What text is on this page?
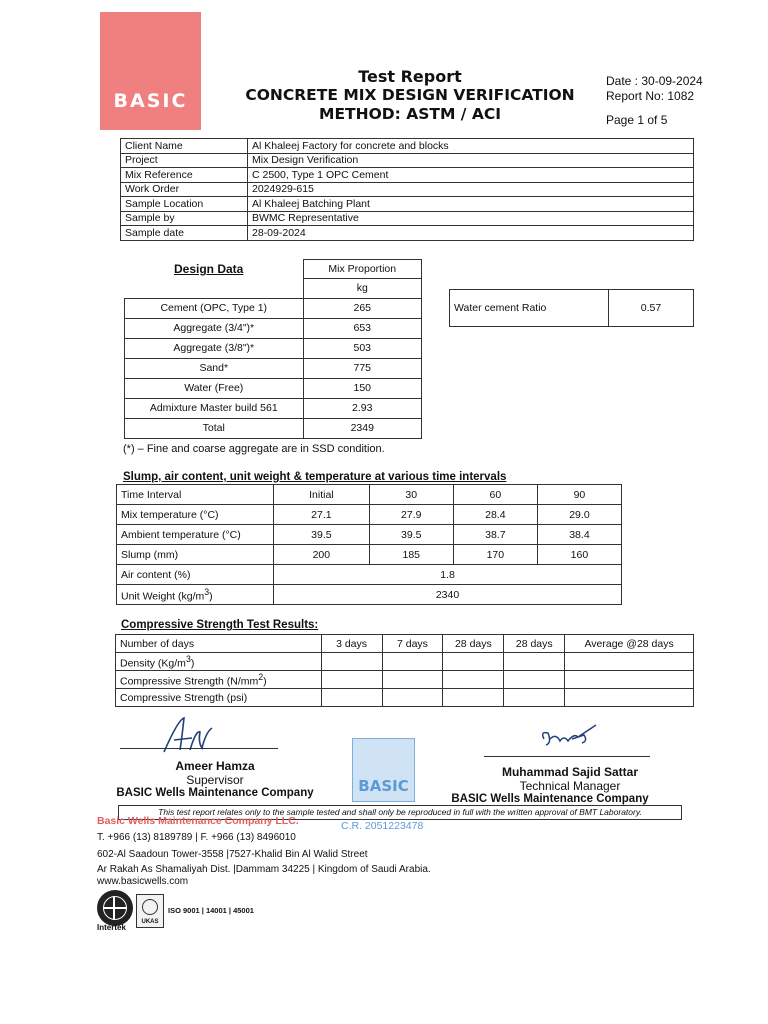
BASIC
Test Report
CONCRETE MIX DESIGN VERIFICATION
METHOD: ASTM / ACI
Date : 30-09-2024
Report No: 1082
Page 1 of 5
Client Name	Al Khaleej Factory for concrete and blocks
Project	Mix Design Verification
Mix Reference	C 2500, Type 1 OPC Cement
Work Order	2024929-615
Sample Location	Al Khaleej Batching Plant
Sample by	BWMC Representative
Sample date	28-09-2024
Design Data
		Mix Proportion
	kg
Cement (OPC, Type 1)	265
Aggregate (3/4")*	653
Aggregate (3/8")*	503
Sand*	775
Water (Free)	150
Admixture Master build 561	2.93
Total	2349
(*) – Fine and coarse aggregate are in SSD condition.
Water cement Ratio	0.57
Slump, air content, unit weight & temperature at various time intervals
Time Interval	Initial	30	60	90
Mix temperature (°C)	27.1	27.9	28.4	29.0
Ambient temperature (°C)	39.5	39.5	38.7	38.4
Slump (mm)	200	185	170	160
Air content (%)	1.8			
Unit Weight $(kg/m^3)$	2340			
Compressive Strength Test Results:
Number of days	3 days	7 days	28 days	28 days	Average @28 days
Density $(Kg/m^3)$					
Compressive Strength $(N/mm^2)$					
Compressive Strength (psi)					
Ameer Hamza
Supervisor
BASIC Wells Maintenance Company	BASIC
C.R. 2051223478
Muhammad Sajid Sattar
Technical Manager
BASIC Wells Maintenance Company
This test report relates only to the sample tested and shall only be reproduced in full with the written approval of BMT Laboratory.
Basic Wells Maintenance Company LLC.
T. +966 (13) 8189789 | F. +966 (13) 8496010
602-Al Saadoun Tower-3558 |7527-Khalid Bin Al Walid Street
Ar Rakah As Shamaliyah Dist. |Dammam 34225 | Kingdom of Saudi Arabia.
www.basicwells.com
Intertek
UKAS
ISO 9001 | 14001 | 45001
